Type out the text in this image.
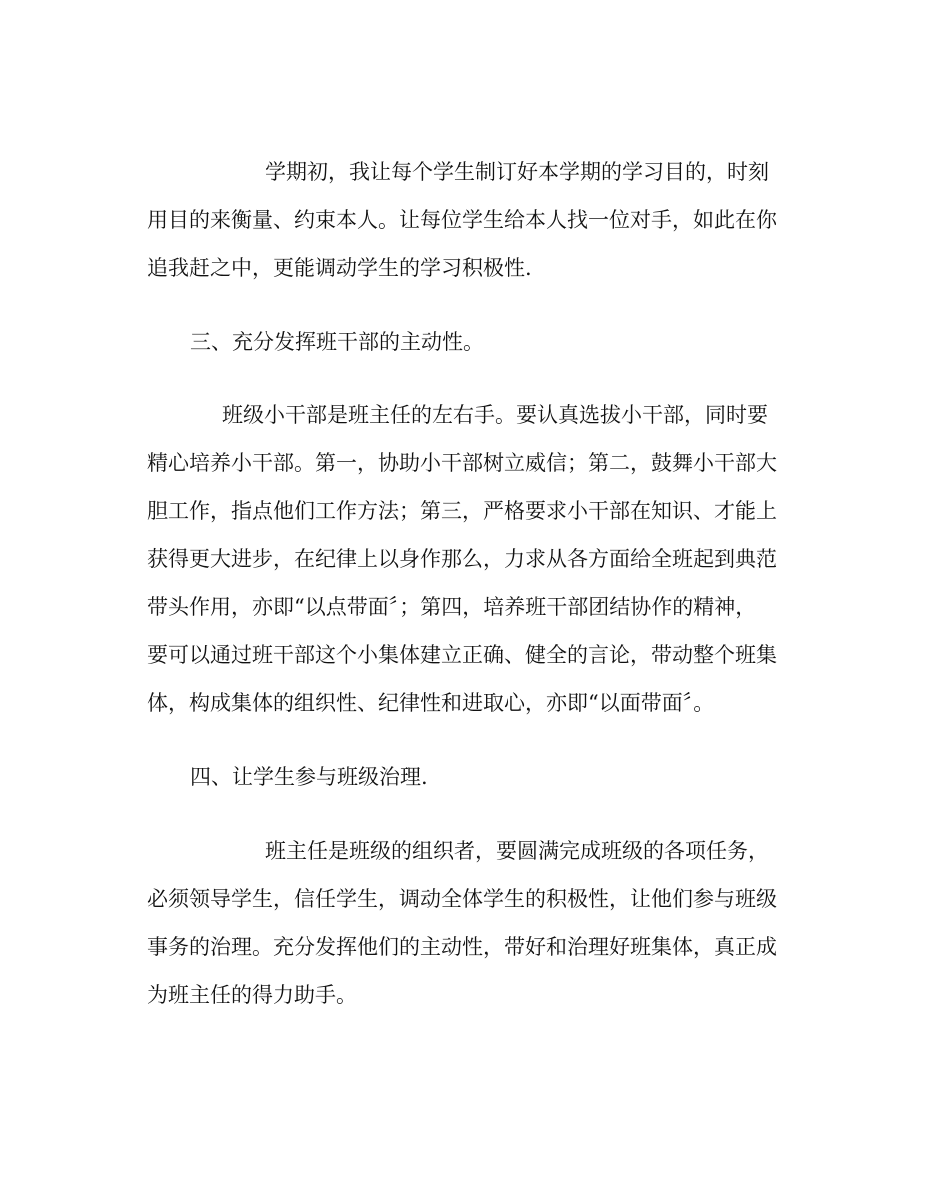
学期初，我让每个学生制订好本学期的学习目的，时刻
用目的来衡量、约束本人。让每位学生给本人找一位对手，如此在你
追我赶之中，更能调动学生的学习积极性.
三、充分发挥班干部的主动性。
班级小干部是班主任的左右手。要认真选拔小干部，同时要
精心培养小干部。第一，协助小干部树立威信；第二，鼓舞小干部大
胆工作，指点他们工作方法；第三，严格要求小干部在知识、才能上
获得更大进步，在纪律上以身作那么，力求从各方面给全班起到典范
带头作用，亦即“以点带面〞；第四，培养班干部团结协作的精神，
要可以通过班干部这个小集体建立正确、健全的言论，带动整个班集
体，构成集体的组织性、纪律性和进取心，亦即“以面带面〞。
四、让学生参与班级治理.
班主任是班级的组织者，要圆满完成班级的各项任务，
必须领导学生，信任学生，调动全体学生的积极性，让他们参与班级
事务的治理。充分发挥他们的主动性，带好和治理好班集体，真正成
为班主任的得力助手。
